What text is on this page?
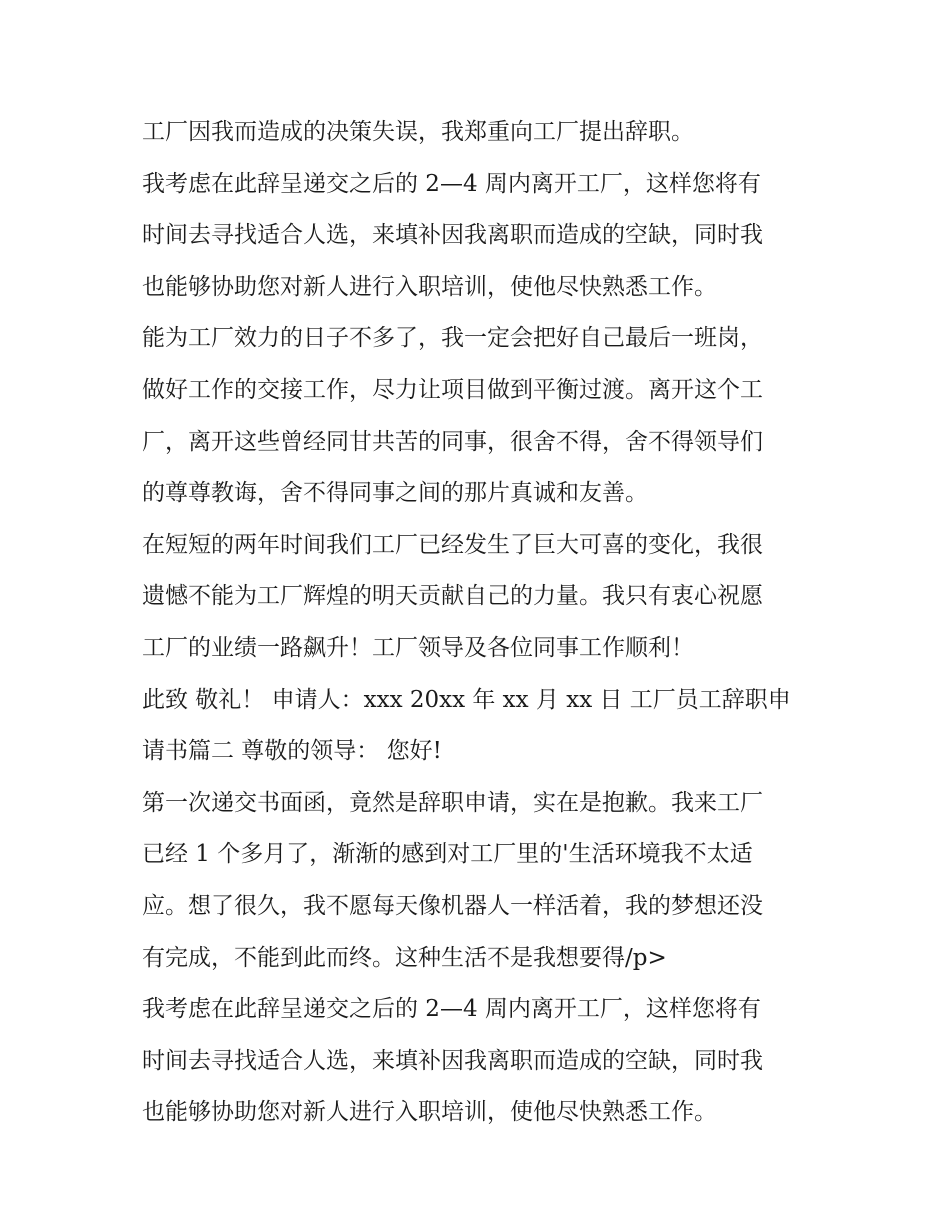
工厂因我而造成的决策失误，我郑重向工厂提出辞职。
我考虑在此辞呈递交之后的 2—4 周内离开工厂，这样您将有
时间去寻找适合人选，来填补因我离职而造成的空缺，同时我
也能够协助您对新人进行入职培训，使他尽快熟悉工作。
能为工厂效力的日子不多了，我一定会把好自己最后一班岗，
做好工作的交接工作，尽力让项目做到平衡过渡。离开这个工
厂，离开这些曾经同甘共苦的同事，很舍不得，舍不得领导们
的尊尊教诲，舍不得同事之间的那片真诚和友善。
在短短的两年时间我们工厂已经发生了巨大可喜的变化，我很
遗憾不能为工厂辉煌的明天贡献自己的力量。我只有衷心祝愿
工厂的业绩一路飙升！工厂领导及各位同事工作顺利！
此致 敬礼！ 申请人：xxx 20xx 年 xx 月 xx 日 工厂员工辞职申
请书篇二 尊敬的领导： 您好!
第一次递交书面函，竟然是辞职申请，实在是抱歉。我来工厂
已经 1 个多月了，渐渐的感到对工厂里的'生活环境我不太适
应。想了很久，我不愿每天像机器人一样活着，我的梦想还没
有完成，不能到此而终。这种生活不是我想要得/p>
我考虑在此辞呈递交之后的 2—4 周内离开工厂，这样您将有
时间去寻找适合人选，来填补因我离职而造成的空缺，同时我
也能够协助您对新人进行入职培训，使他尽快熟悉工作。
